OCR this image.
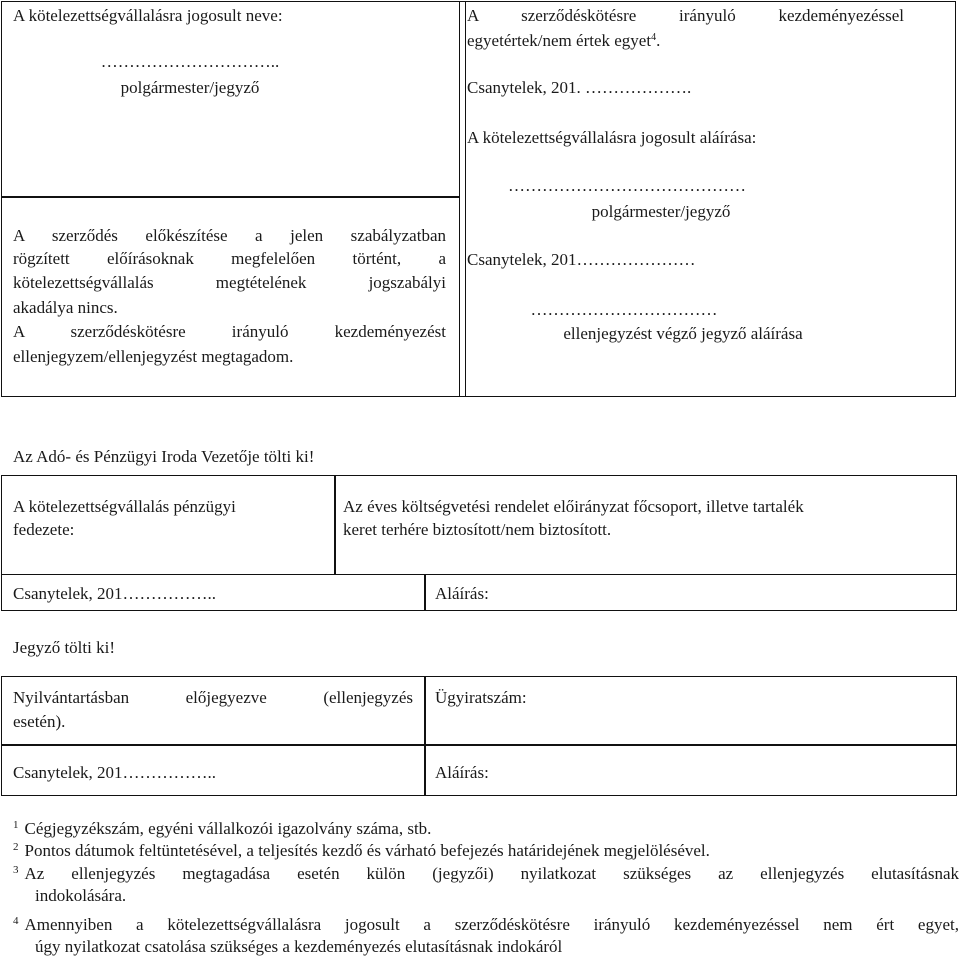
A kötelezettségvállalásra jogosult neve:
…………………………..
polgármester/jegyző
A szerződéskötésre irányuló kezdeményezéssel
egyetértek/nem értek egyet$^4$.
Csanytelek, 201. ……………….
A kötelezettségvállalásra jogosult aláírása:
……………………………………
polgármester/jegyző
A szerződés előkészítése a jelen szabályzatban
rögzített előírásoknak megfelelően történt, a
kötelezettségvállalás megtételének jogszabályi
akadálya nincs.
A szerződéskötésre irányuló kezdeményezést
ellenjegyzem/ellenjegyzést megtagadom.
Csanytelek, 201…………………
……………………………
ellenjegyzést végző jegyző aláírása
Az Adó- és Pénzügyi Iroda Vezetője tölti ki!
A kötelezettségvállalás pénzügyi
fedezete:
Az éves költségvetési rendelet előirányzat főcsoport, illetve tartalék
keret terhére biztosított/nem biztosított.
Csanytelek, 201……………..	Aláírás:
Jegyző tölti ki!
Nyilvántartásban előjegyezve (ellenjegyzés
esetén).
Ügyiratszám:
Csanytelek, 201……………..	Aláírás:
$^1$ Cégjegyzékszám, egyéni vállalkozói igazolvány száma, stb.
$^2$ Pontos dátumok feltüntetésével, a teljesítés kezdő és várható befejezés határidejének megjelölésével.
$^3$ Az ellenjegyzés megtagadása esetén külön (jegyzői) nyilatkozat szükséges az ellenjegyzés elutasításnak
indokolására.
$^4$ Amennyiben a kötelezettségvállalásra jogosult a szerződéskötésre irányuló kezdeményezéssel nem ért egyet,
úgy nyilatkozat csatolása szükséges a kezdeményezés elutasításnak indokáról
